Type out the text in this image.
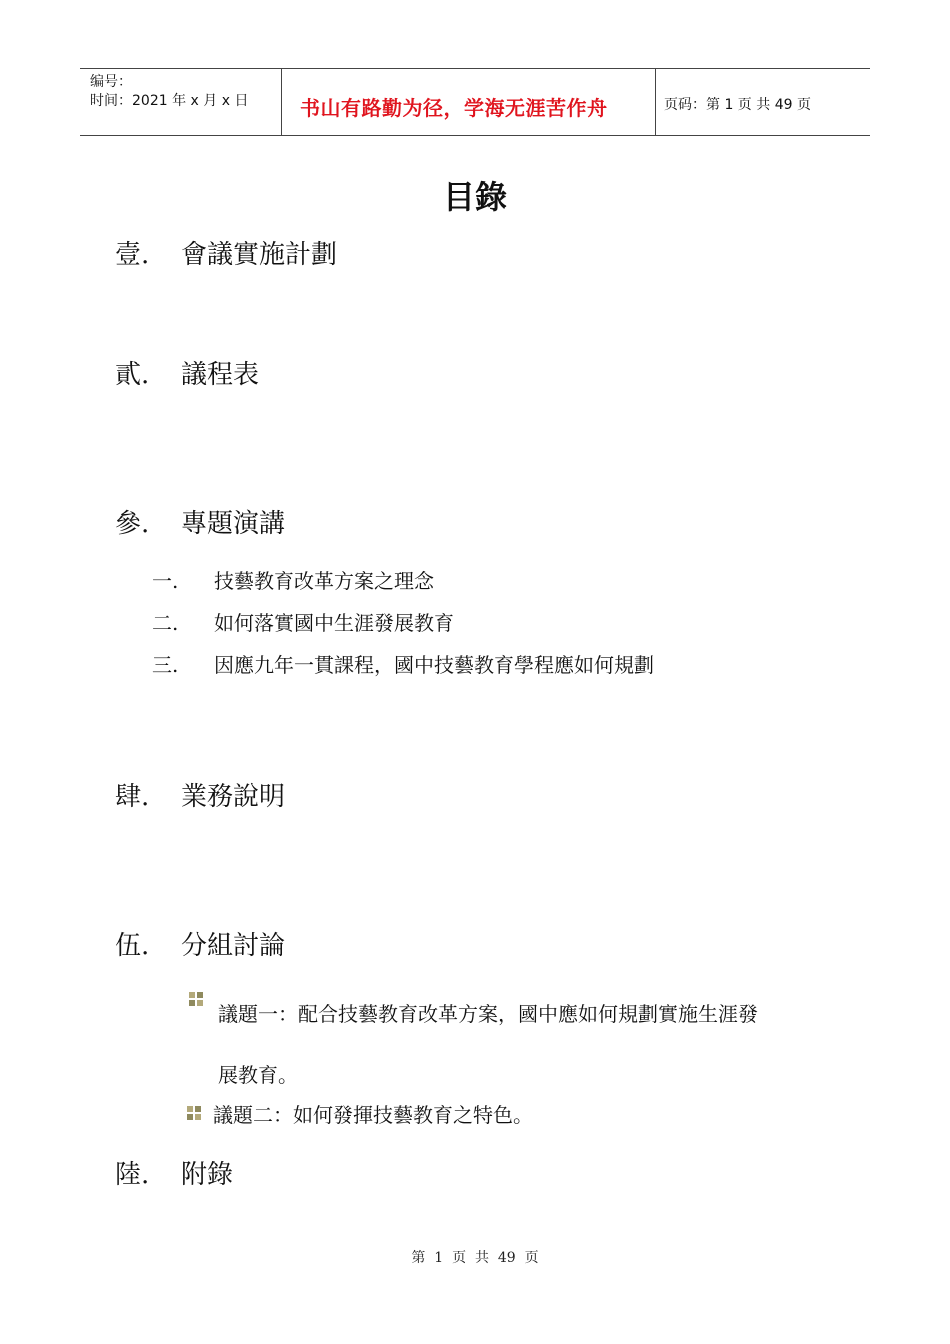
编号：
时间：2021 年 x 月 x 日	书山有路勤为径，学海无涯苦作舟	页码：第 1 页 共 49 页
目錄
壹. 會議實施計劃
貳. 議程表
參. 專題演講
一. 技藝教育改革方案之理念
二. 如何落實國中生涯發展教育
三. 因應九年一貫課程，國中技藝教育學程應如何規劃
肆. 業務說明
伍. 分組討論
議題一：配合技藝教育改革方案，國中應如何規劃實施生涯發
展教育。
議題二：如何發揮技藝教育之特色。
陸. 附錄
第  1  页  共  49  页
